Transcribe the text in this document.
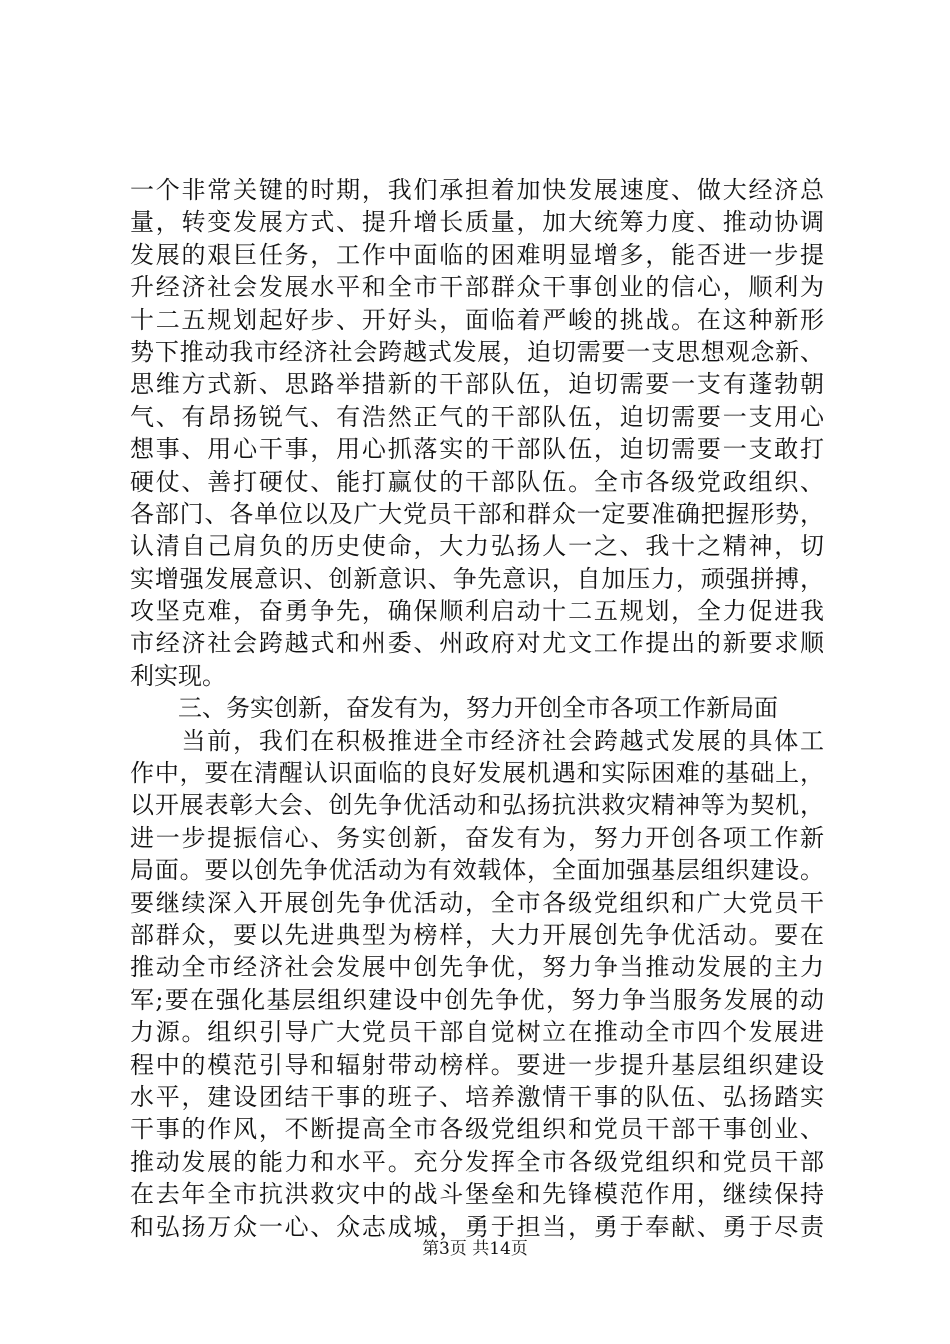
一个非常关键的时期，我们承担着加快发展速度、做大经济总
量，转变发展方式、提升增长质量，加大统筹力度、推动协调
发展的艰巨任务，工作中面临的困难明显增多，能否进一步提
升经济社会发展水平和全市干部群众干事创业的信心，顺利为
十二五规划起好步、开好头，面临着严峻的挑战。在这种新形
势下推动我市经济社会跨越式发展，迫切需要一支思想观念新、
思维方式新、思路举措新的干部队伍，迫切需要一支有蓬勃朝
气、有昂扬锐气、有浩然正气的干部队伍，迫切需要一支用心
想事、用心干事，用心抓落实的干部队伍，迫切需要一支敢打
硬仗、善打硬仗、能打赢仗的干部队伍。全市各级党政组织、
各部门、各单位以及广大党员干部和群众一定要准确把握形势，
认清自己肩负的历史使命，大力弘扬人一之、我十之精神，切
实增强发展意识、创新意识、争先意识，自加压力，顽强拼搏，
攻坚克难，奋勇争先，确保顺利启动十二五规划，全力促进我
市经济社会跨越式和州委、州政府对尤文工作提出的新要求顺
利实现。
　　三、务实创新，奋发有为，努力开创全市各项工作新局面
　　当前，我们在积极推进全市经济社会跨越式发展的具体工
作中，要在清醒认识面临的良好发展机遇和实际困难的基础上，
以开展表彰大会、创先争优活动和弘扬抗洪救灾精神等为契机，
进一步提振信心、务实创新，奋发有为，努力开创各项工作新
局面。要以创先争优活动为有效载体，全面加强基层组织建设。
要继续深入开展创先争优活动，全市各级党组织和广大党员干
部群众，要以先进典型为榜样，大力开展创先争优活动。要在
推动全市经济社会发展中创先争优，努力争当推动发展的主力
军;要在强化基层组织建设中创先争优，努力争当服务发展的动
力源。组织引导广大党员干部自觉树立在推动全市四个发展进
程中的模范引导和辐射带动榜样。要进一步提升基层组织建设
水平，建设团结干事的班子、培养激情干事的队伍、弘扬踏实
干事的作风，不断提高全市各级党组织和党员干部干事创业、
推动发展的能力和水平。充分发挥全市各级党组织和党员干部
在去年全市抗洪救灾中的战斗堡垒和先锋模范作用，继续保持
和弘扬万众一心、众志成城，勇于担当，勇于奉献、勇于尽责
第3页 共14页
